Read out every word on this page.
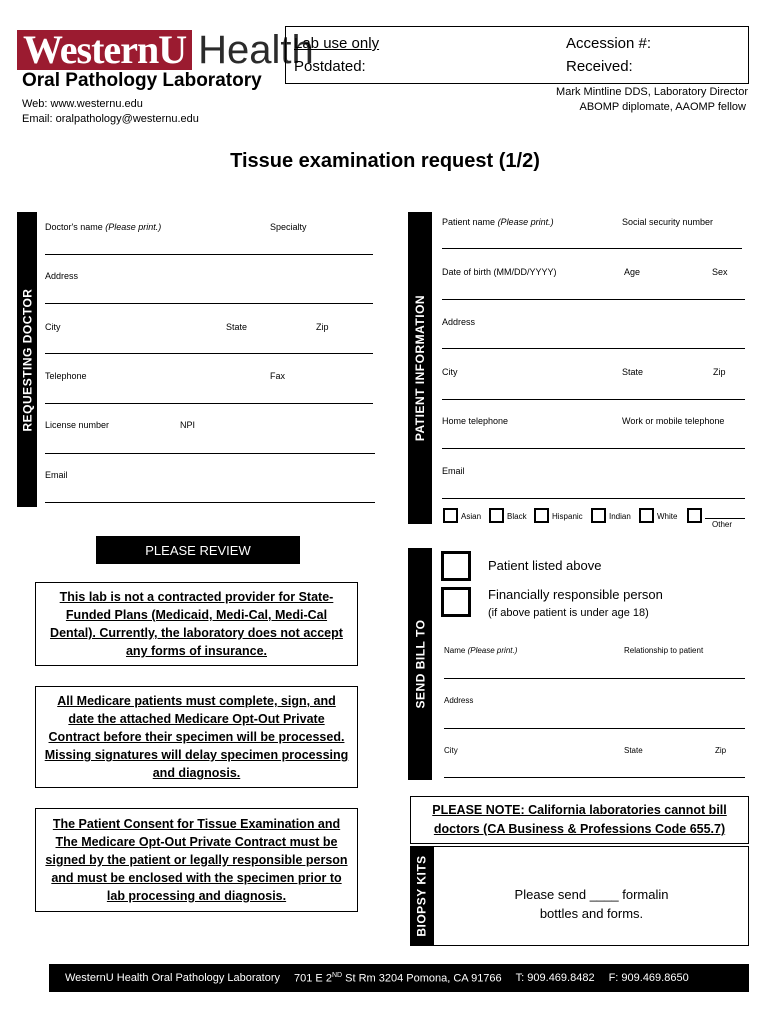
WesternU Health
Oral Pathology Laboratory
Web: www.westernu.edu
Email: oralpathology@westernu.edu
Lab use only
Postdated:
Accession #:
Received:
Mark Mintline DDS, Laboratory Director
ABOMP diplomate, AAOMP fellow
Tissue examination request (1/2)
REQUESTING DOCTOR
Doctor's name (Please print.)	Specialty
Address
City	State	Zip
Telephone	Fax
License number	NPI
Email
PATIENT INFORMATION
Patient name (Please print.)	Social security number
Date of birth (MM/DD/YYYY)	Age	Sex
Address
City	State	Zip
Home telephone	Work or mobile telephone
Email
Asian	Black	Hispanic	Indian	White
Other
PLEASE REVIEW
This lab is not a contracted provider for State-Funded Plans (Medicaid, Medi-Cal, Medi-Cal Dental). Currently, the laboratory does not accept any forms of insurance.
All Medicare patients must complete, sign, and date the attached Medicare Opt-Out Private Contract before their specimen will be processed. Missing signatures will delay specimen processing and diagnosis.
The Patient Consent for Tissue Examination and The Medicare Opt-Out Private Contract must be signed by the patient or legally responsible person and must be enclosed with the specimen prior to lab processing and diagnosis.
SEND BILL TO
Patient listed above
Financially responsible person
(if above patient is under age 18)
Name (Please print.)	Relationship to patient
Address
City	State	Zip
PLEASE NOTE: California laboratories cannot bill doctors (CA Business & Professions Code 655.7)
BIOPSY KITS	Please send ____ formalin
bottles and forms.
WesternU Health Oral Pathology Laboratory 701 E 2ND St Rm 3204 Pomona, CA 91766 T: 909.469.8482 F: 909.469.8650
